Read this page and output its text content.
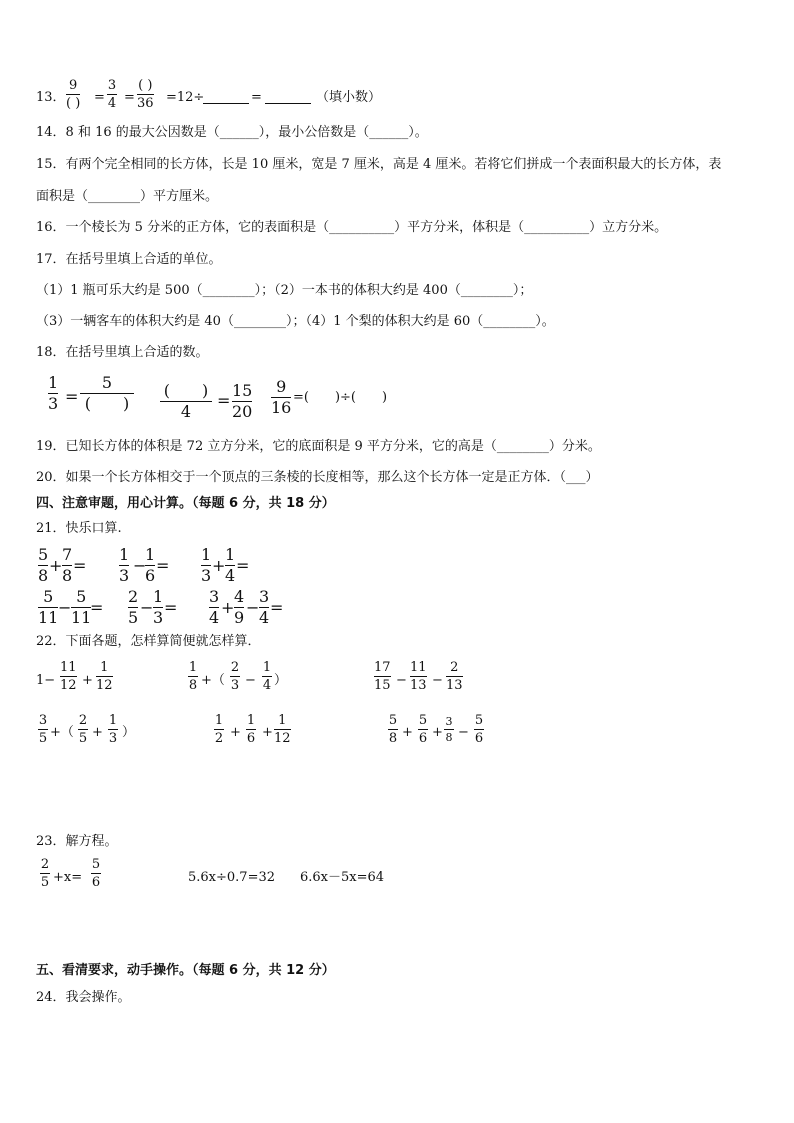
13．
9
( ) =
3
4 =
( )
36 =12÷	=	（填小数）
14．8 和 16 的最大公因数是（______），最小公倍数是（______）。
15．有两个完全相同的长方体，长是 10 厘米，宽是 7 厘米，高是 4 厘米。若将它们拼成一个表面积最大的长方体，表
面积是（________）平方厘米。
16．一个棱长为 5 分米的正方体，它的表面积是（__________）平方分米，体积是（__________）立方分米。
17．在括号里填上合适的单位。
（1）1 瓶可乐大约是 500（________）；（2）一本书的体积大约是 400（________）；
（3）一辆客车的体积大约是 40（________）；（4）1 个梨的体积大约是 60（________）。
18．在括号里填上合适的数。
1
3 =
5
(　　)
(　　)
4
=
15
20
9
16
=(　　)÷(　　)
19．已知长方体的体积是 72 立方分米，它的底面积是 9 平方分米，它的高是（________）分米。
20．如果一个长方体相交于一个顶点的三条棱的长度相等，那么这个长方体一定是正方体．（___）
四、注意审题，用心计算。（每题 6 分，共 18 分）
21．快乐口算.
5
8
+
7
8
=
1
3
−
1
6
=
1
3
+
1
4
=
5
11
−
5
11
=
2
5
−
1
3
=
3
4
+
4
9
−
3
4
=
22．下面各题，怎样算简便就怎样算．
1−
11
12 +
1
12
1
8 +（
2
3 −
1
4 ）
17
15 −
11
13 −
2
13
3
5 +（
2
5 +
1
3 ）
1
2 +
1
6 +
1
12
5
8 +
5
6 +
3
8 −
5
6
23．解方程。
2
5 +x=
5
6	5.6x÷0.7=32 6.6x－5x=64
五、看清要求，动手操作。（每题 6 分，共 12 分）
24．我会操作。
